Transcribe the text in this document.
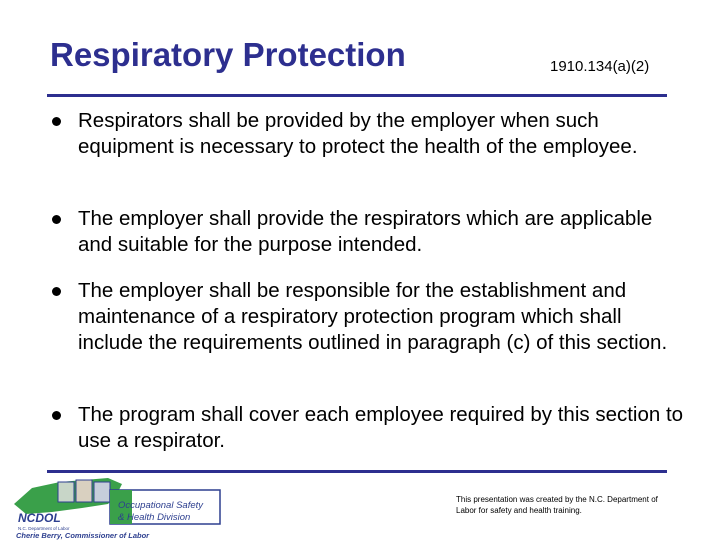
Respiratory Protection	1910.134(a)(2)
Respirators shall be provided by the employer when such equipment is necessary to protect the health of the employee.
The employer shall provide the respirators which are applicable and suitable for the purpose intended.
The employer shall be responsible for the establishment and maintenance of a respiratory protection program which shall include the requirements outlined in paragraph (c) of this section.
The program shall cover each employee required by this section to use a respirator.
Occupational Safety
& Health Division
NCDOL
N.C. Department of Labor
Cherie Berry, Commissioner of Labor
This presentation was created by the N.C. Department of Labor for safety and health training.
